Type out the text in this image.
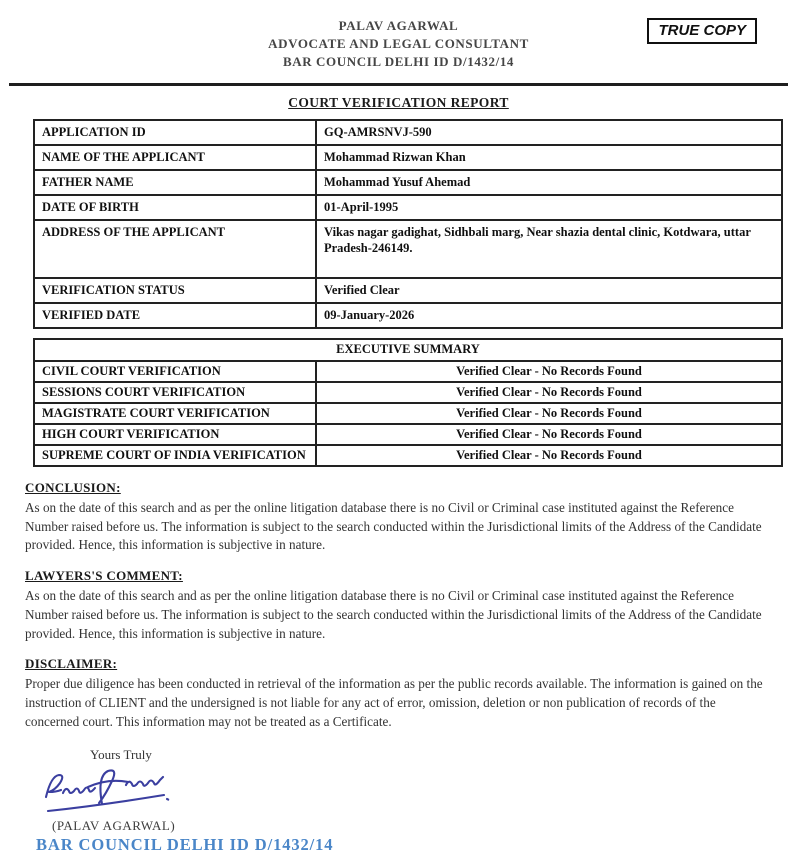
PALAV AGARWAL
ADVOCATE AND LEGAL CONSULTANT
BAR COUNCIL DELHI ID D/1432/14
TRUE COPY
COURT VERIFICATION REPORT
APPLICATION ID	GQ-AMRSNVJ-590
NAME OF THE APPLICANT	Mohammad Rizwan Khan
FATHER NAME	Mohammad Yusuf Ahemad
DATE OF BIRTH	01-April-1995
ADDRESS OF THE APPLICANT	Vikas nagar gadighat, Sidhbali marg, Near shazia dental clinic, Kotdwara, uttar Pradesh-246149.
VERIFICATION STATUS	Verified Clear
VERIFIED DATE	09-January-2026
EXECUTIVE SUMMARY	
CIVIL COURT VERIFICATION	Verified Clear - No Records Found
SESSIONS COURT VERIFICATION	Verified Clear - No Records Found
MAGISTRATE COURT VERIFICATION	Verified Clear - No Records Found
HIGH COURT VERIFICATION	Verified Clear - No Records Found
SUPREME COURT OF INDIA VERIFICATION	Verified Clear - No Records Found
CONCLUSION:
As on the date of this search and as per the online litigation database there is no Civil or Criminal case instituted against the Reference Number raised before us. The information is subject to the search conducted within the Jurisdictional limits of the Address of the Candidate provided. Hence, this information is subjective in nature.
LAWYERS'S COMMENT:
As on the date of this search and as per the online litigation database there is no Civil or Criminal case instituted against the Reference Number raised before us. The information is subject to the search conducted within the Jurisdictional limits of the Address of the Candidate provided. Hence, this information is subjective in nature.
DISCLAIMER:
Proper due diligence has been conducted in retrieval of the information as per the public records available. The information is gained on the instruction of CLIENT and the undersigned is not liable for any act of error, omission, deletion or non publication of records of the concerned court. This information may not be treated as a Certificate.
Yours Truly
(PALAV AGARWAL)
BAR COUNCIL DELHI ID D/1432/14
